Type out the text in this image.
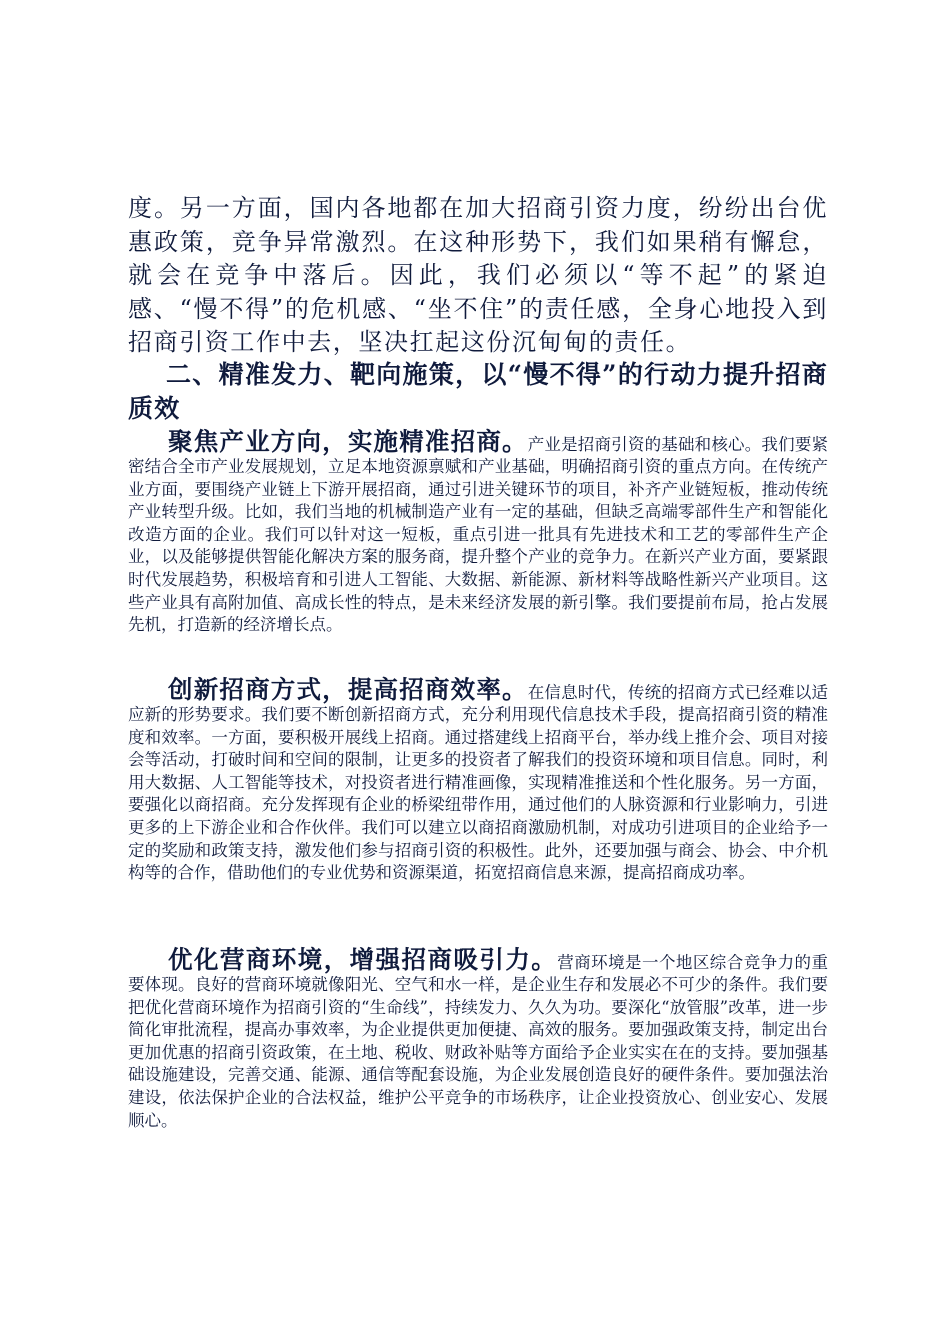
度。另一方面，国内各地都在加大招商引资力度，纷纷出台优惠政策，竞争异常激烈。在这种形势下，我们如果稍有懈怠，就会在竞争中落后。因此，我们必须以“等不起”的紧迫感、“慢不得”的危机感、“坐不住”的责任感，全身心地投入到招商引资工作中去，坚决扛起这份沉甸甸的责任。

二、精准发力、靶向施策，以“慢不得”的行动力提升招商质效

聚焦产业方向，实施精准招商。产业是招商引资的基础和核心。我们要紧密结合全市产业发展规划，立足本地资源禀赋和产业基础，明确招商引资的重点方向。在传统产业方面，要围绕产业链上下游开展招商，通过引进关键环节的项目，补齐产业链短板，推动传统产业转型升级。比如，我们当地的机械制造产业有一定的基础，但缺乏高端零部件生产和智能化改造方面的企业。我们可以针对这一短板，重点引进一批具有先进技术和工艺的零部件生产企业，以及能够提供智能化解决方案的服务商，提升整个产业的竞争力。在新兴产业方面，要紧跟时代发展趋势，积极培育和引进人工智能、大数据、新能源、新材料等战略性新兴产业项目。这些产业具有高附加值、高成长性的特点，是未来经济发展的新引擎。我们要提前布局，抢占发展先机，打造新的经济增长点。

创新招商方式，提高招商效率。在信息时代，传统的招商方式已经难以适应新的形势要求。我们要不断创新招商方式，充分利用现代信息技术手段，提高招商引资的精准度和效率。一方面，要积极开展线上招商。通过搭建线上招商平台，举办线上推介会、项目对接会等活动，打破时间和空间的限制，让更多的投资者了解我们的投资环境和项目信息。同时，利用大数据、人工智能等技术，对投资者进行精准画像，实现精准推送和个性化服务。另一方面，要强化以商招商。充分发挥现有企业的桥梁纽带作用，通过他们的人脉资源和行业影响力，引进更多的上下游企业和合作伙伴。我们可以建立以商招商激励机制，对成功引进项目的企业给予一定的奖励和政策支持，激发他们参与招商引资的积极性。此外，还要加强与商会、协会、中介机构等的合作，借助他们的专业优势和资源渠道，拓宽招商信息来源，提高招商成功率。

优化营商环境，增强招商吸引力。营商环境是一个地区综合竞争力的重要体现。良好的营商环境就像阳光、空气和水一样，是企业生存和发展必不可少的条件。我们要把优化营商环境作为招商引资的“生命线”，持续发力、久久为功。要深化“放管服”改革，进一步简化审批流程，提高办事效率，为企业提供更加便捷、高效的服务。要加强政策支持，制定出台更加优惠的招商引资政策，在土地、税收、财政补贴等方面给予企业实实在在的支持。要加强基础设施建设，完善交通、能源、通信等配套设施，为企业发展创造良好的硬件条件。要加强法治建设，依法保护企业的合法权益，维护公平竞争的市场秩序，让企业投资放心、创业安心、发展顺心。
